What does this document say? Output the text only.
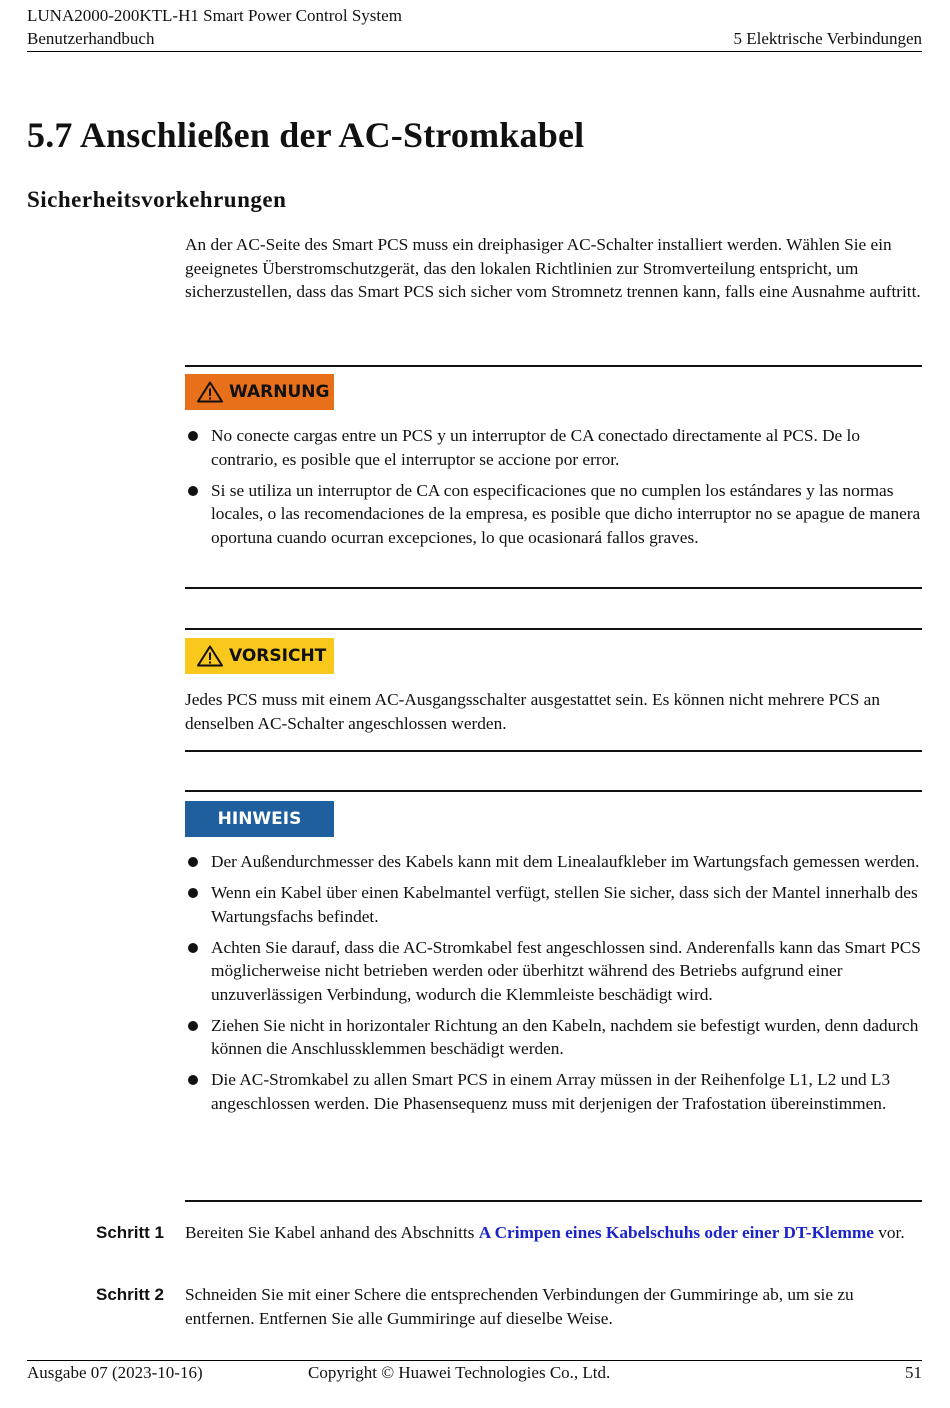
LUNA2000-200KTL-H1 Smart Power Control System
Benutzerhandbuch	5 Elektrische Verbindungen
5.7 Anschließen der AC-Stromkabel
Sicherheitsvorkehrungen
An der AC-Seite des Smart PCS muss ein dreiphasiger AC-Schalter installiert werden. Wählen Sie ein geeignetes Überstromschutzgerät, das den lokalen Richtlinien zur Stromverteilung entspricht, um sicherzustellen, dass das Smart PCS sich sicher vom Stromnetz trennen kann, falls eine Ausnahme auftritt.
WARNUNG
No conecte cargas entre un PCS y un interruptor de CA conectado directamente al PCS. De lo contrario, es posible que el interruptor se accione por error.
Si se utiliza un interruptor de CA con especificaciones que no cumplen los estándares y las normas locales, o las recomendaciones de la empresa, es posible que dicho interruptor no se apague de manera oportuna cuando ocurran excepciones, lo que ocasionará fallos graves.
VORSICHT
Jedes PCS muss mit einem AC-Ausgangsschalter ausgestattet sein. Es können nicht mehrere PCS an denselben AC-Schalter angeschlossen werden.
HINWEIS
Der Außendurchmesser des Kabels kann mit dem Linealaufkleber im Wartungsfach gemessen werden.
Wenn ein Kabel über einen Kabelmantel verfügt, stellen Sie sicher, dass sich der Mantel innerhalb des Wartungsfachs befindet.
Achten Sie darauf, dass die AC-Stromkabel fest angeschlossen sind. Anderenfalls kann das Smart PCS möglicherweise nicht betrieben werden oder überhitzt während des Betriebs aufgrund einer unzuverlässigen Verbindung, wodurch die Klemmleiste beschädigt wird.
Ziehen Sie nicht in horizontaler Richtung an den Kabeln, nachdem sie befestigt wurden, denn dadurch können die Anschlussklemmen beschädigt werden.
Die AC-Stromkabel zu allen Smart PCS in einem Array müssen in der Reihenfolge L1, L2 und L3 angeschlossen werden. Die Phasensequenz muss mit derjenigen der Trafostation übereinstimmen.
Schritt 1 Bereiten Sie Kabel anhand des Abschnitts A Crimpen eines Kabelschuhs oder einer DT-Klemme vor.
Schritt 2 Schneiden Sie mit einer Schere die entsprechenden Verbindungen der Gummiringe ab, um sie zu entfernen. Entfernen Sie alle Gummiringe auf dieselbe Weise.
Ausgabe 07 (2023-10-16)	Copyright © Huawei Technologies Co., Ltd.	51
